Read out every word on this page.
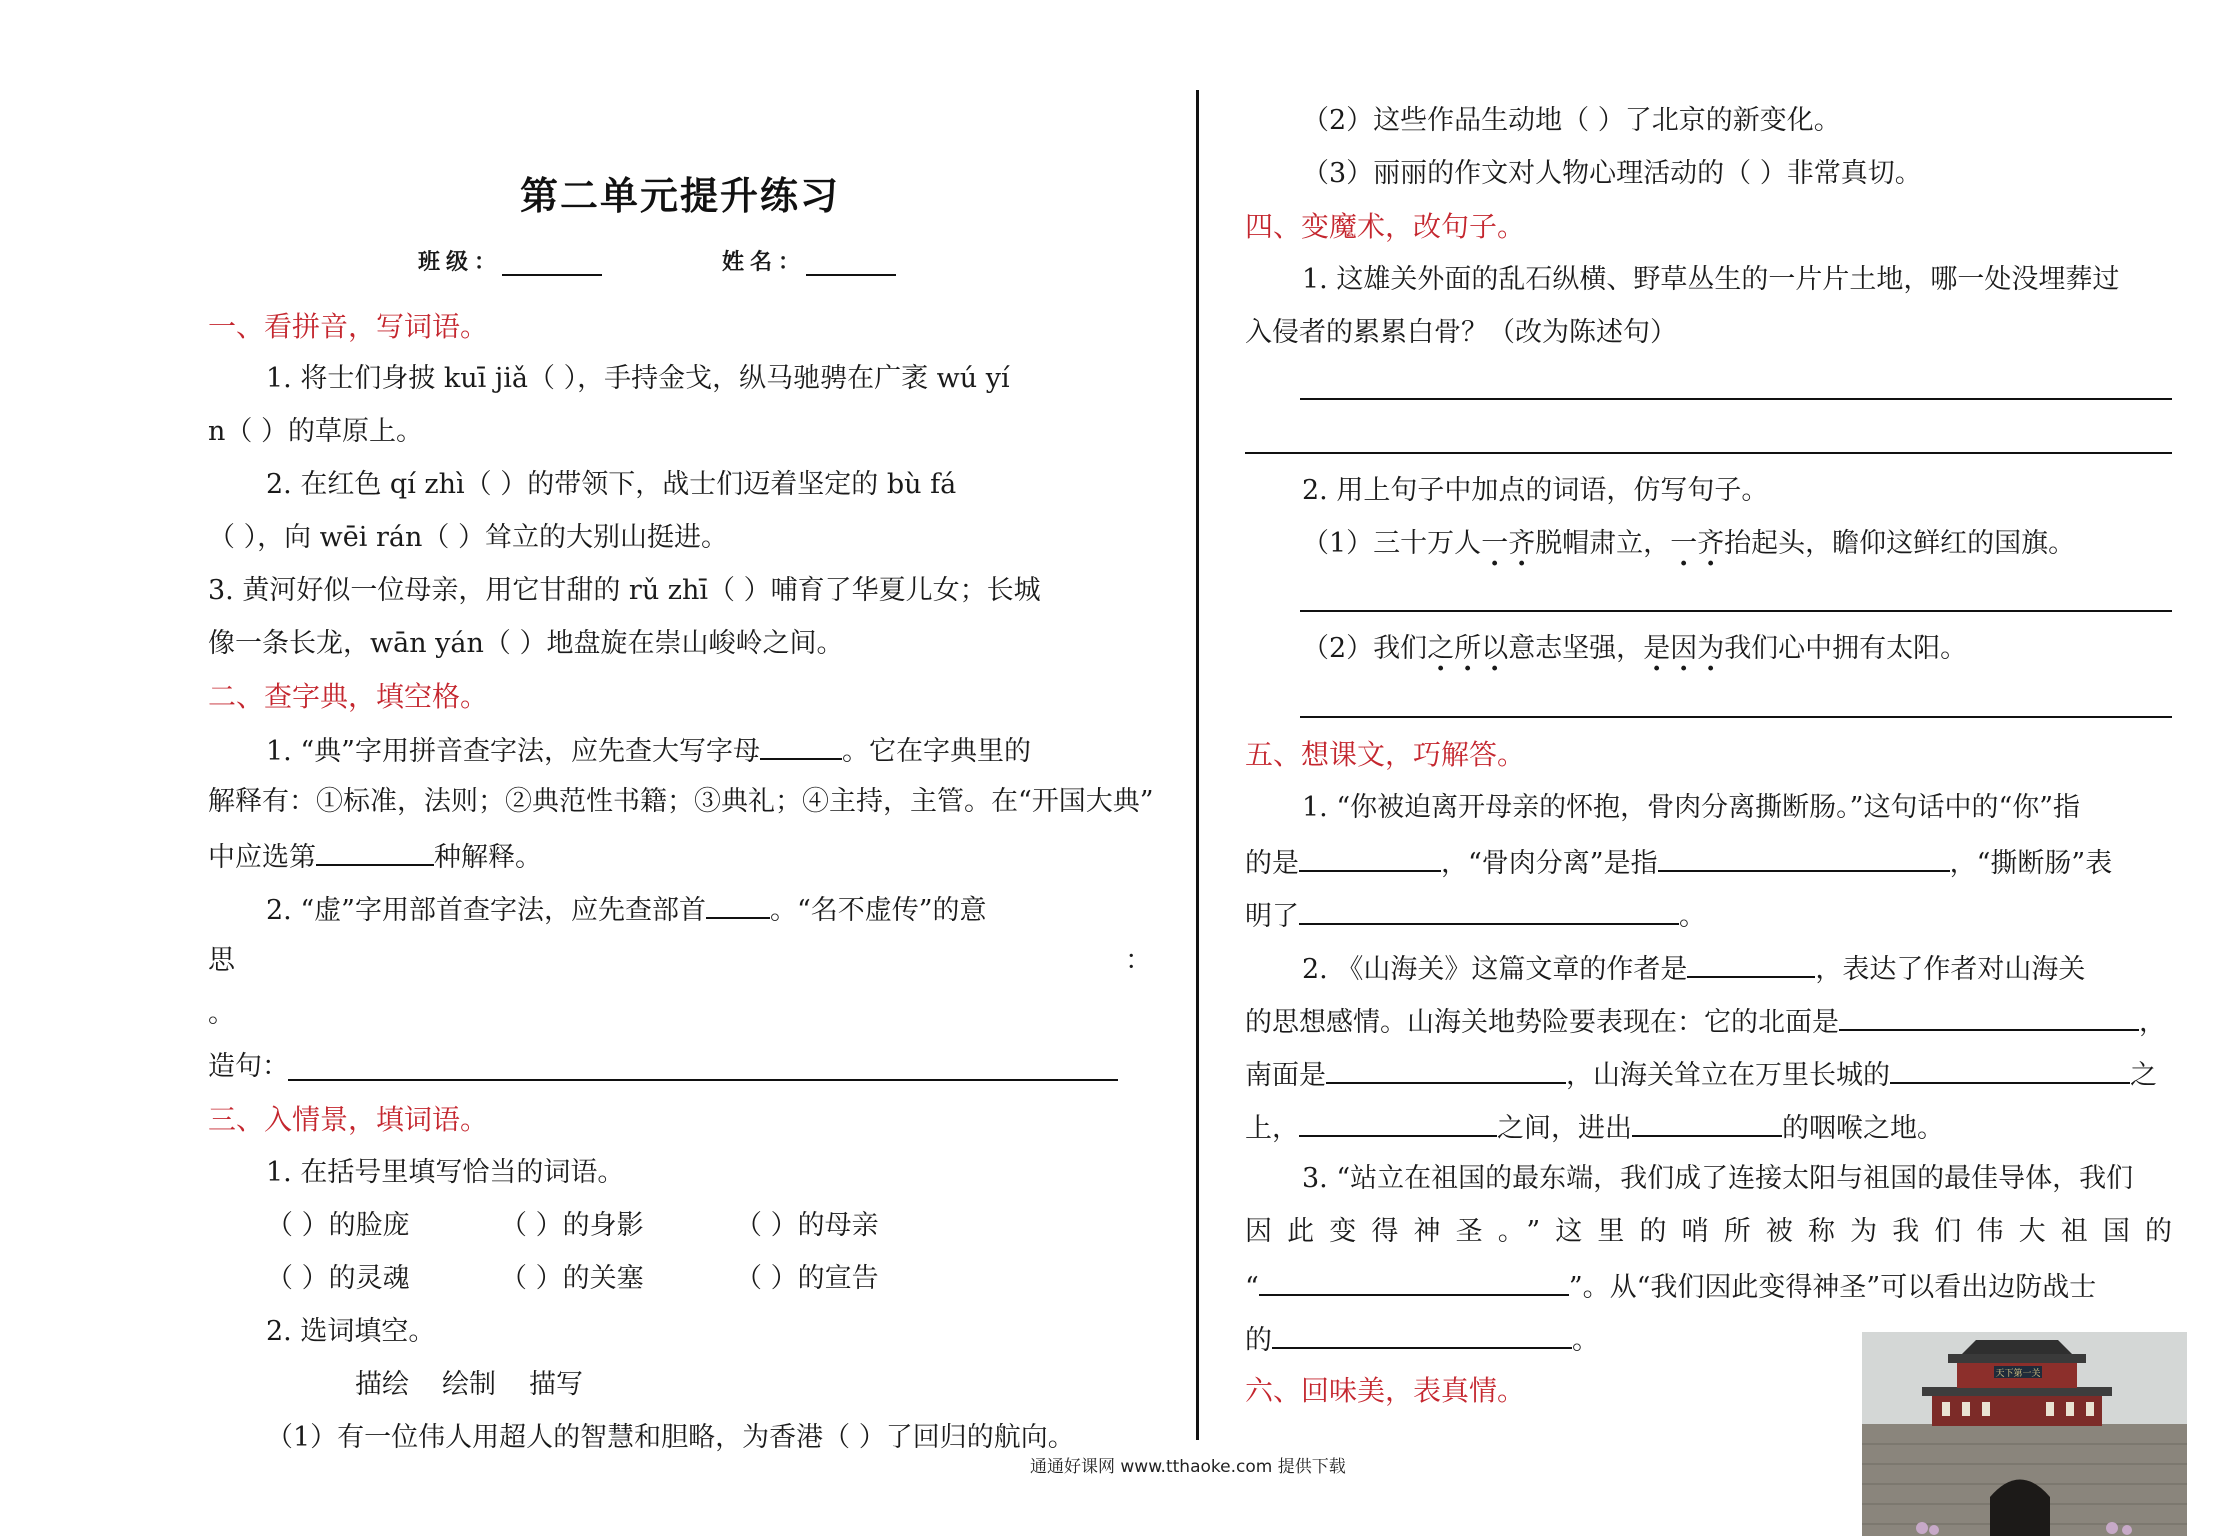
第二单元提升练习
班级：	姓名：
一、看拼音，写词语。
1. 将士们身披 kuī jiǎ（ ），手持金戈，纵马驰骋在广袤 wú yí
n（ ）的草原上。
2. 在红色 qí zhì（ ）的带领下，战士们迈着坚定的 bù fá
（ ），向 wēi rán（ ）耸立的大别山挺进。
3. 黄河好似一位母亲，用它甘甜的 rǔ zhī（ ）哺育了华夏儿女；长城
像一条长龙，wān yán（ ）地盘旋在崇山峻岭之间。
二、查字典，填空格。
1. “典”字用拼音查字法，应先查大写字母	。它在字典里的
解释有：①标准，法则；②典范性书籍；③典礼；④主持，主管。在“开国大典”
中应选第	种解释。
2. “虚”字用部首查字法，应先查部首 。“名不虚传”的意
思	：
。
造句：
三、入情景，填词语。
1. 在括号里填写恰当的词语。
（ ）的脸庞	（ ）的身影	（ ）的母亲
（ ）的灵魂	（ ）的关塞	（ ）的宣告
2. 选词填空。
描绘 绘制 描写
（1）有一位伟人用超人的智慧和胆略，为香港（ ）了回归的航向。
（2）这些作品生动地（ ）了北京的新变化。
（3）丽丽的作文对人物心理活动的（ ）非常真切。
四、变魔术，改句子。
1. 这雄关外面的乱石纵横、野草丛生的一片片土地，哪一处没埋葬过
入侵者的累累白骨？（改为陈述句）
2. 用上句子中加点的词语，仿写句子。
（1）三十万人一齐脱帽肃立，一齐抬起头，瞻仰这鲜红的国旗。
（2）我们之所以意志坚强，是因为我们心中拥有太阳。
五、想课文，巧解答。
1. “你被迫离开母亲的怀抱，骨肉分离撕断肠。”这句话中的“你”指
的是	，“骨肉分离”是指	，“撕断肠”表
明了	。
2. 《山海关》这篇文章的作者是	，表达了作者对山海关
的思想感情。山海关地势险要表现在：它的北面是	，
南面是	，山海关耸立在万里长城的	之
上，	之间，进出	的咽喉之地。
3. “站立在祖国的最东端，我们成了连接太阳与祖国的最佳导体，我们
因此变得神圣。”这里的哨所被称为我们伟大祖国的
“	”。从“我们因此变得神圣”可以看出边防战士
的	。
六、回味美，表真情。	天下第一关
通通好课网 www.tthaoke.com 提供下载
